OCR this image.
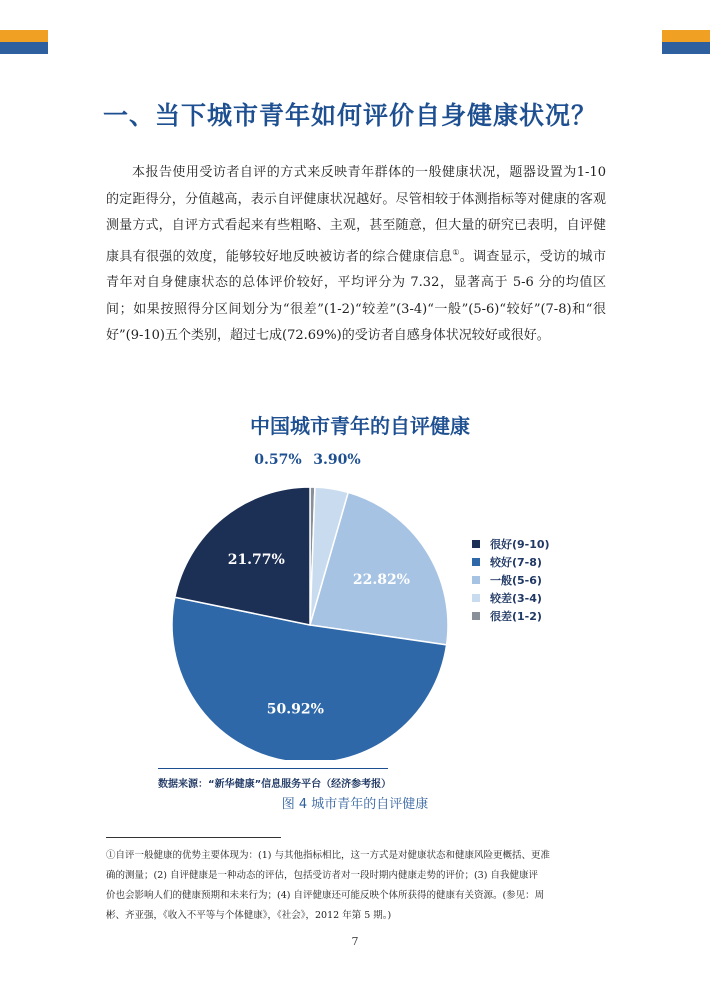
一、当下城市青年如何评价自身健康状况？

本报告使用受访者自评的方式来反映青年群体的一般健康状况，题器设置为1-10 的定距得分，分值越高，表示自评健康状况越好。尽管相较于体测指标等对健康的客观测量方式，自评方式看起来有些粗略、主观，甚至随意，但大量的研究已表明，自评健康具有很强的效度，能够较好地反映被访者的综合健康信息①。调查显示，受访的城市青年对自身健康状态的总体评价较好，平均评分为 7.32，显著高于 5-6 分的均值区间；如果按照得分区间划分为“很差”(1-2)“较差”(3-4)“一般”(5-6)“较好”(7-8)和“很好”(9-10)五个类别，超过七成(72.69%)的受访者自感身体状况较好或很好。

中国城市青年的自评健康
21.77%
50.92%
22.82%
0.57% 3.90%
很好(9-10)
较好(7-8)
一般(5-6)
较差(3-4)
很差(1-2)
数据来源：“新华健康”信息服务平台（经济参考报）
图 4 城市青年的自评健康
①自评一般健康的优势主要体现为：(1) 与其他指标相比，这一方式是对健康状态和健康风险更概括、更准
确的测量；(2) 自评健康是一种动态的评估，包括受访者对一段时期内健康走势的评价；(3) 自我健康评
价也会影响人们的健康预期和未来行为；(4) 自评健康还可能反映个体所获得的健康有关资源。(参见：周
彬、齐亚强，《收入不平等与个体健康》，《社会》，2012 年第 5 期。)
7
